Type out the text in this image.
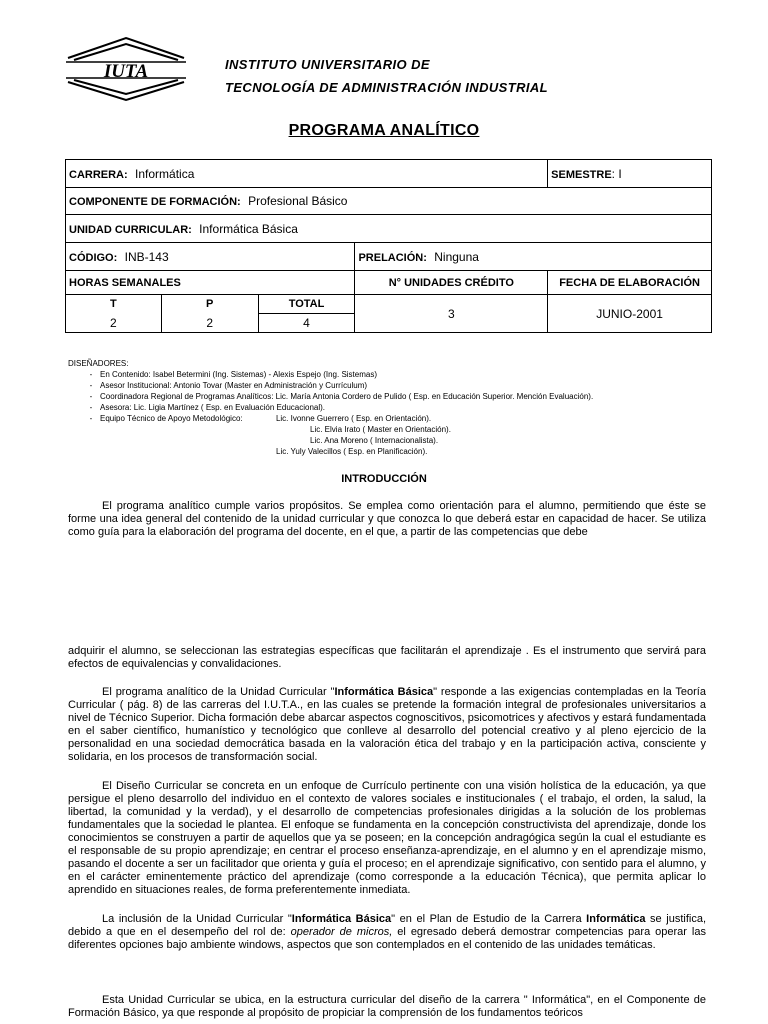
IUTA	INSTITUTO UNIVERSITARIO DE
TECNOLOGÍA DE ADMINISTRACIÓN INDUSTRIAL
PROGRAMA ANALÍTICO
CARRERA: Informática				SEMESTRE: I
COMPONENTE DE FORMACIÓN: Profesional Básico				
UNIDAD CURRICULAR: Informática Básica				
CÓDIGO: INB-143			PRELACIÓN: Ninguna	
HORAS SEMANALES			N° UNIDADES CRÉDITO	FECHA DE ELABORACIÓN
T	P	TOTAL	3	JUNIO-2001
2	2	4		
DISEÑADORES:
- En Contenido: Isabel Betermini (Ing. Sistemas) - Alexis Espejo (Ing. Sistemas)
- Asesor Institucional: Antonio Tovar (Master en Administración y Currículum)
- Coordinadora Regional de Programas Analíticos: Lic. María Antonia Cordero de Pulido ( Esp. en Educación Superior. Mención Evaluación).
- Asesora: Lic. Ligia Martínez ( Esp. en Evaluación Educacional).
- Equipo Técnico de Apoyo Metodológico:               Lic. Ivonne Guerrero ( Esp. en Orientación).
Lic. Elvia Irato ( Master en Orientación).
Lic. Ana Moreno ( Internacionalista).
Lic. Yuly Valecillos ( Esp. en Planificación).
INTRODUCCIÓN

El programa analítico cumple varios propósitos. Se emplea como orientación para el alumno, permitiendo que éste se forme una idea general del contenido de la unidad curricular y que conozca lo que deberá estar en capacidad de hacer. Se utiliza como guía para la elaboración del programa del docente, en el que, a partir de las competencias que debe

adquirir el alumno, se seleccionan las estrategias específicas que facilitarán el aprendizaje . Es el instrumento que servirá para efectos de equivalencias y convalidaciones.

El programa analítico de la Unidad Curricular "Informática Básica" responde a las exigencias contempladas en la Teoría Curricular ( pág. 8) de las carreras del I.U.T.A., en las cuales se pretende la formación integral de profesionales universitarios a nivel de Técnico Superior. Dicha formación debe abarcar aspectos cognoscitivos, psicomotrices y afectivos y estará fundamentada en el saber científico, humanístico y tecnológico que conlleve al desarrollo del potencial creativo y al pleno ejercicio de la personalidad en una sociedad democrática basada en la valoración ética del trabajo y en la participación activa, consciente y solidaria, en los procesos de transformación social.

El Diseño Curricular se concreta en un enfoque de Currículo pertinente con una visión holística de la educación, ya que persigue el pleno desarrollo del individuo en el contexto de valores sociales e institucionales ( el trabajo, el orden, la salud, la libertad, la comunidad y la verdad), y el desarrollo de competencias profesionales dirigidas a la solución de los problemas fundamentales que la sociedad le plantea. El enfoque se fundamenta en la concepción constructivista del aprendizaje, donde los conocimientos se construyen a partir de aquellos que ya se poseen; en la concepción andragógica según la cual el estudiante es el responsable de su propio aprendizaje; en centrar el proceso enseñanza-aprendizaje, en el alumno y en el aprendizaje mismo, pasando el docente a ser un facilitador que orienta y guía el proceso; en el aprendizaje significativo, con sentido para el alumno, y en el carácter eminentemente práctico del aprendizaje (como corresponde a la educación Técnica), que permita aplicar lo aprendido en situaciones reales, de forma preferentemente inmediata.

La inclusión de la Unidad Curricular "Informática Básica" en el Plan de Estudio de la Carrera Informática se justifica, debido a que en el desempeño del rol de: operador de micros, el egresado deberá demostrar competencias para operar las diferentes opciones bajo ambiente windows, aspectos que son contemplados en el contenido de las unidades temáticas.

Esta Unidad Curricular se ubica, en la estructura curricular del diseño de la carrera " Informática", en el Componente de Formación Básico, ya que responde al propósito de propiciar la comprensión de los fundamentos teóricos
